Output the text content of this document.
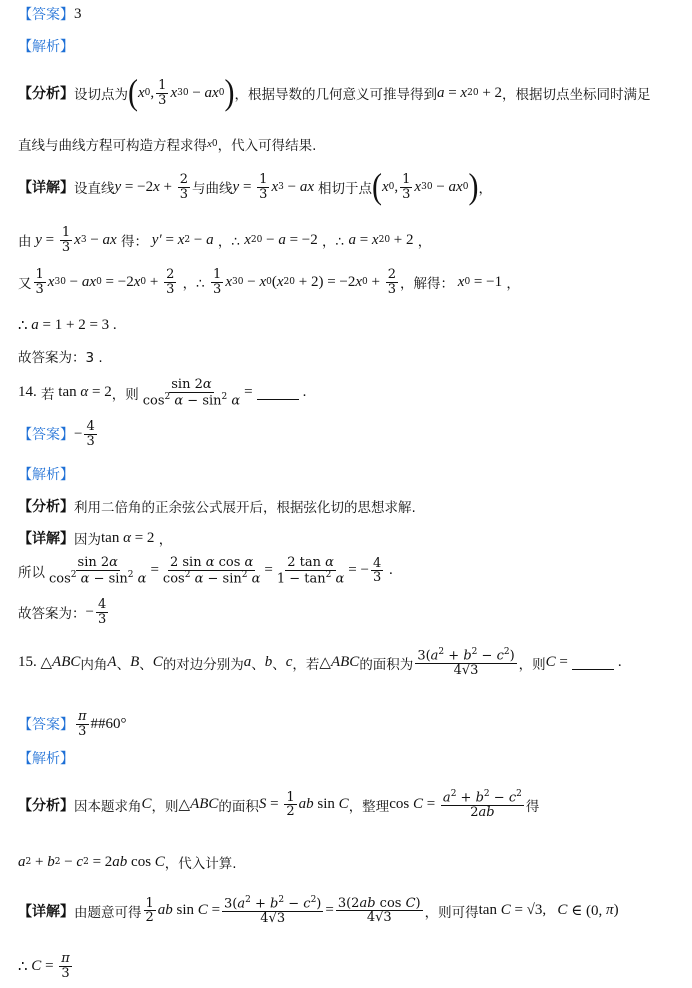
【答案】 3
【解析】
【分析】 设切点为 ( x 0 , $\frac{1}{3}$ x 3 0 − ax 0 ) ，根据导数的几何意义可推导得到 a = x 2 0 + 2 ，根据切点坐标同时满足
直线与曲线方程可构造方程求得 x 0 ，代入可得结果.
【详解】 设直线 y = −2 $x + \frac{2}{3}$ 与曲线 $y = \frac{1}{3}$ x 3 − ax 相切于点 ( x 0 , $\frac{1}{3}$ x 3 0 − ax 0 ) ，
由 $y = \frac{1}{3}$ x 3 − ax
得： y′ = x 2 − a ，∴ x 2 0 − a = −2 ，∴ a = x 2 0 + 2 ，
又 $\frac{1}{3}$ x 3 0 − ax 0 = −2 x $0 + \frac{2}{3}$ ，∴ $\frac{1}{3}$ x 3 0 − x 0 ( x 2 0 + 2) = −2 x $0 + \frac{2}{3}$ ，解得： x 0 = −1 ，
∴ a = 1 + 2 = 3 .
故答案为：3 .
14.
若 tan α = 2 ，则 $\frac{\sin 2\alpha}{\cos^2 \alpha - \sin^2 \alpha}$ =	.
【答案】 − $\frac{4}{3}$
【解析】
【分析】 利用二倍角的正余弦公式展开后，根据弦化切的思想求解.
【详解】 因为 tan α = 2 ，
所以 $\frac{\sin 2\alpha}{\cos^2 \alpha - \sin^2 \alpha} = \frac{\text{2 sin α cos α}}{\cos^2 \alpha - \sin^2 \alpha} = \frac{\text{2 tan α}}{1 - \tan^2 \alpha}$ = − $\frac{4}{3}$ .
故答案为： − $\frac{4}{3}$
15. △ ABC 内角 A 、 B 、 C 的对边分别为 a 、 b 、 c ，若 △ ABC 的面积为 $\frac{3(a^2 + b^2 - c^2)}{4√3}$ ，则 C =	.
【答案】 $\frac{\pi}{3}$ ## 60°
【解析】
【分析】 因本题求角 C ，则 △ ABC 的面积 $S = \frac{1}{2}$ ab sin C ，整理 $\cos C = \frac{a^2 + b^2 - c^2}{2ab}$ 得
a 2 + b 2 − c 2 = 2 ab cos C ，代入计算.
【详解】 由题意可得 $\frac{1}{2}$ ab $\sin C = \frac{3(a^2 + b^2 - c^2)}{4√3} = \frac{\text{3(2ab cos C)}}{4√3}$ ，则可得 tan C = √3, C ∈ (0, π )
∴ $C = \frac{\pi}{3}$
